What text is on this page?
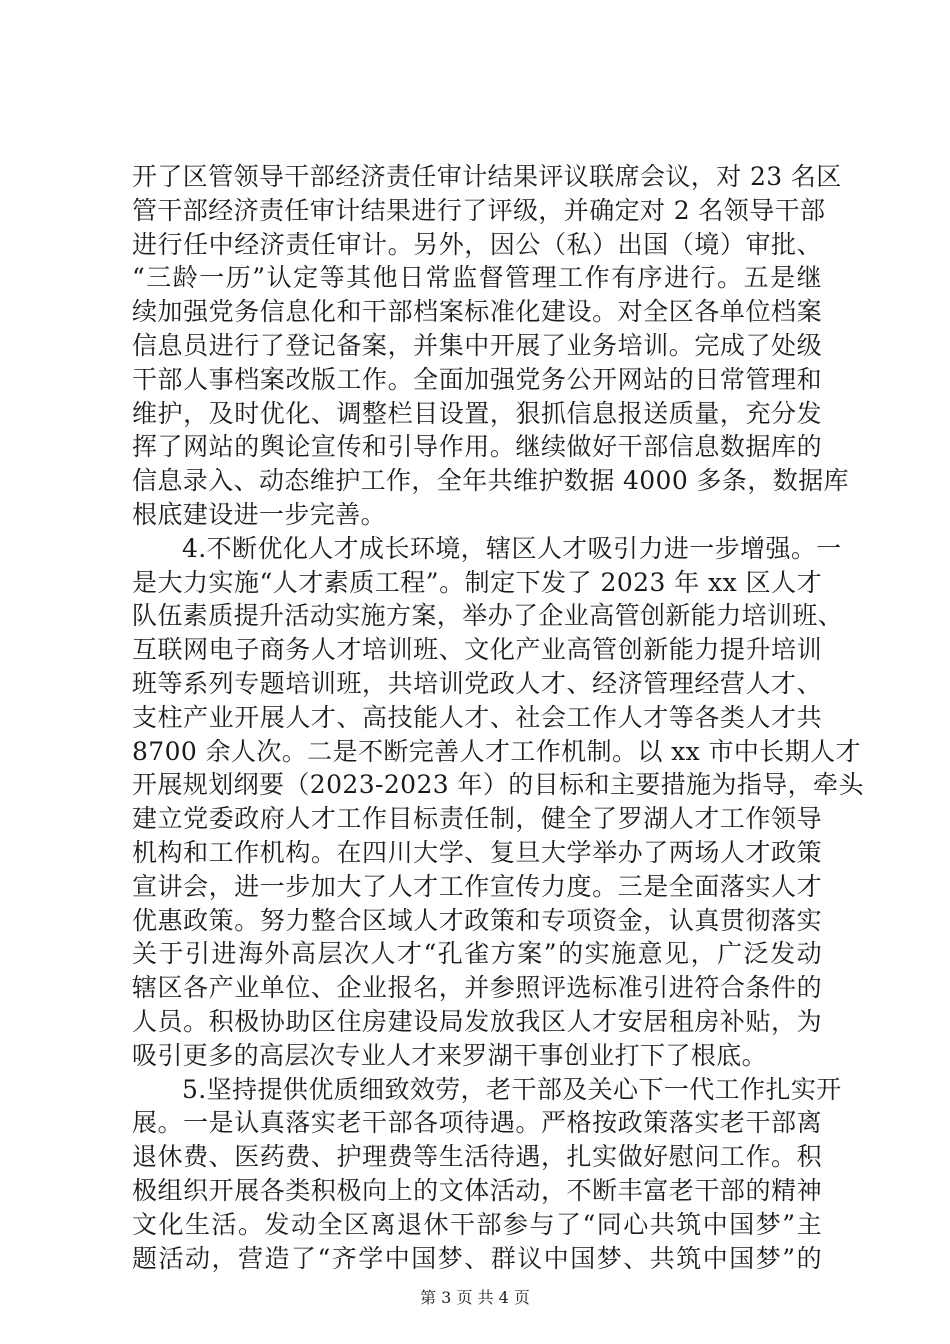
开了区管领导干部经济责任审计结果评议联席会议，对 23 名区
管干部经济责任审计结果进行了评级，并确定对 2 名领导干部
进行任中经济责任审计。另外，因公（私）出国（境）审批、
“三龄一历”认定等其他日常监督管理工作有序进行。五是继
续加强党务信息化和干部档案标准化建设。对全区各单位档案
信息员进行了登记备案，并集中开展了业务培训。完成了处级
干部人事档案改版工作。全面加强党务公开网站的日常管理和
维护，及时优化、调整栏目设置，狠抓信息报送质量，充分发
挥了网站的舆论宣传和引导作用。继续做好干部信息数据库的
信息录入、动态维护工作，全年共维护数据 4000 多条，数据库
根底建设进一步完善。
4.不断优化人才成长环境，辖区人才吸引力进一步增强。一
是大力实施“人才素质工程”。制定下发了 2023 年 xx 区人才
队伍素质提升活动实施方案，举办了企业高管创新能力培训班、
互联网电子商务人才培训班、文化产业高管创新能力提升培训
班等系列专题培训班，共培训党政人才、经济管理经营人才、
支柱产业开展人才、高技能人才、社会工作人才等各类人才共
8700 余人次。二是不断完善人才工作机制。以 xx 市中长期人才
开展规划纲要（2023-2023 年）的目标和主要措施为指导，牵头
建立党委政府人才工作目标责任制，健全了罗湖人才工作领导
机构和工作机构。在四川大学、复旦大学举办了两场人才政策
宣讲会，进一步加大了人才工作宣传力度。三是全面落实人才
优惠政策。努力整合区域人才政策和专项资金，认真贯彻落实
关于引进海外高层次人才“孔雀方案”的实施意见，广泛发动
辖区各产业单位、企业报名，并参照评选标准引进符合条件的
人员。积极协助区住房建设局发放我区人才安居租房补贴，为
吸引更多的高层次专业人才来罗湖干事创业打下了根底。
5.坚持提供优质细致效劳，老干部及关心下一代工作扎实开
展。一是认真落实老干部各项待遇。严格按政策落实老干部离
退休费、医药费、护理费等生活待遇，扎实做好慰问工作。积
极组织开展各类积极向上的文体活动，不断丰富老干部的精神
文化生活。发动全区离退休干部参与了“同心共筑中国梦”主
题活动，营造了“齐学中国梦、群议中国梦、共筑中国梦”的
第 3 页 共 4 页
